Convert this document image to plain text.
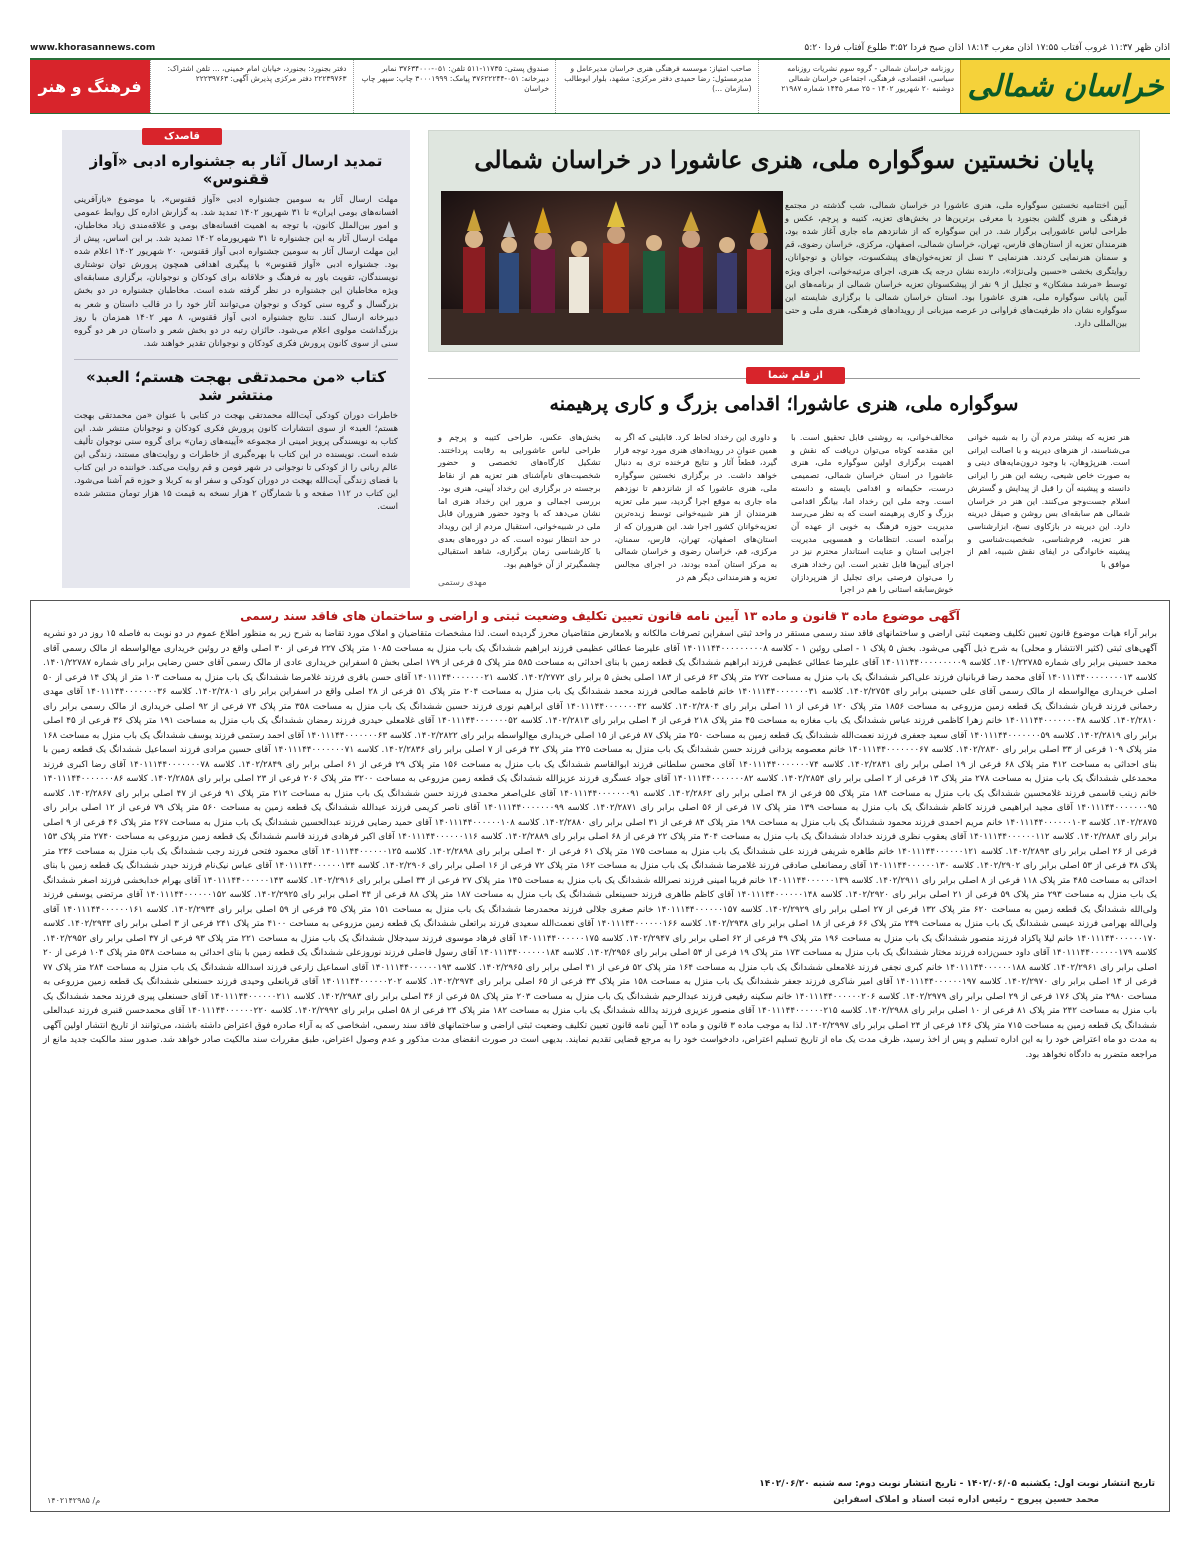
اذان ظهر ۱۱:۳۷ غروب آفتاب ۱۷:۵۵ اذان مغرب ۱۸:۱۴ اذان صبح فردا ۳:۵۲ طلوع آفتاب فردا ۵:۲۰
www.khorasannews.com
خراسان شمالی
روزنامه خراسان شمالی - گروه سوم نشریات روزنامه سیاسی، اقتصادی، فرهنگی، اجتماعی خراسان شمالی دوشنبه ۲۰ شهریور ۱۴۰۲ - ۲۵ صفر ۱۴۴۵ شماره ۲۱۹۸۷
صاحب امتیاز: موسسه فرهنگی هنری خراسان مدیرعامل و مدیرمسئول: رضا حمیدی دفتر مرکزی: مشهد، بلوار ابوطالب (سازمان ...)
صندوق پستی: ۱۱۷۳۵-۵۱۱ تلفن: ۰۵۱-۳۷۶۳۴۰۰۰ نمابر دبیرخانه: ۰۵۱-۳۷۶۲۲۲۴۴ پیامک: ۳۰۰۰۱۹۹۹ چاپ: سپهر چاپ خراسان
دفتر بجنورد: بجنورد، خیابان امام خمینی، ... تلفن اشتراک: ۲۲۲۳۹۷۶۳ دفتر مرکزی پذیرش آگهی: ۲۲۲۳۹۷۶۳
فرهنگ و هنر
پایان نخستین سوگواره ملی، هنری عاشورا در خراسان شمالی
آیین اختتامیه نخستین سوگواره ملی، هنری عاشورا در خراسان شمالی، شب گذشته در مجتمع فرهنگی و هنری گلشن بجنورد با معرفی برترین‌ها در بخش‌های تعزیه، کتیبه و پرچم، عکس و طراحی لباس عاشورایی برگزار شد. در این سوگواره که از شانزدهم ماه جاری آغاز شده بود، هنرمندان تعزیه از استان‌های فارس، تهران، خراسان شمالی، اصفهان، مرکزی، خراسان رضوی، قم و سمنان هنرنمایی کردند. هنرنمایی ۳ نسل از تعزیه‌خوان‌های پیشکسوت، جوانان و نوجوانان، روایتگری بخشی «حسین ولی‌نژاد»، دارنده نشان درجه یک هنری، اجرای مرثیه‌خوانی، اجرای ویژه توسط «مرشد مشکان» و تجلیل از ۹ نفر از پیشکسوتان تعزیه خراسان شمالی از برنامه‌های این آیین پایانی سوگواره ملی، هنری عاشورا بود. استان خراسان شمالی با برگزاری شایسته این سوگواره نشان داد ظرفیت‌های فراوانی در عرصه میزبانی از رویدادهای فرهنگی، هنری ملی و حتی بین‌المللی دارد.
قاصدک
تمدید ارسال آثار به جشنواره ادبی «آواز ققنوس»
مهلت ارسال آثار به سومین جشنواره ادبی «آواز ققنوس»، با موضوع «بازآفرینی افسانه‌های بومی ایران» تا ۳۱ شهریور ۱۴۰۲ تمدید شد. به گزارش اداره کل روابط عمومی و امور بین‌الملل کانون، با توجه به اهمیت افسانه‌های بومی و علاقه‌مندی زیاد مخاطبان، مهلت ارسال آثار به این جشنواره تا ۳۱ شهریورماه ۱۴۰۲ تمدید شد. بر این اساس، پیش از این مهلت ارسال آثار به سومین جشنواره ادبی آواز ققنوس، ۲۰ شهریور ۱۴۰۲ اعلام شده بود. جشنواره ادبی «آواز ققنوس» با پیگیری اهدافی همچون پرورش توان نوشتاری نویسندگان، تقویت باور به فرهنگ و خلاقانه برای کودکان و نوجوانان، برگزاری مسابقه‌ای ویژه مخاطبان این جشنواره در نظر گرفته شده است. مخاطبان جشنواره در دو بخش بزرگسال و گروه سنی کودک و نوجوان می‌توانند آثار خود را در قالب داستان و شعر به دبیرخانه ارسال کنند. نتایج جشنواره ادبی آواز ققنوس، ۸ مهر ۱۴۰۲ همزمان با روز بزرگداشت مولوی اعلام می‌شود. حائزان رتبه در دو بخش شعر و داستان در هر دو گروه سنی از سوی کانون پرورش فکری کودکان و نوجوانان تقدیر خواهند شد.
کتاب «من محمدتقی بهجت هستم؛ العبد» منتشر شد
خاطرات دوران کودکی آیت‌الله محمدتقی بهجت در کتابی با عنوان «من محمدتقی بهجت هستم؛ العبد» از سوی انتشارات کانون پرورش فکری کودکان و نوجوانان منتشر شد. این کتاب به نویسندگی پرویز امینی از مجموعه «آیینه‌های زمان» برای گروه سنی نوجوان تألیف شده است. نویسنده در این کتاب با بهره‌گیری از خاطرات و روایت‌های مستند، زندگی این عالم ربانی را از کودکی تا نوجوانی در شهر فومن و قم روایت می‌کند. خواننده در این کتاب با فضای زندگی آیت‌الله بهجت در دوران کودکی و سفر او به کربلا و حوزه قم آشنا می‌شود. این کتاب در ۱۱۲ صفحه و با شمارگان ۲ هزار نسخه به قیمت ۱۵ هزار تومان منتشر شده است.
از قلم شما
سوگواره ملی، هنری عاشورا؛ اقدامی بزرگ و کاری پرهیمنه
هنر تعزیه که بیشتر مردم آن را به شبیه خوانی می‌شناسند، از هنرهای دیرینه و با اصالت ایرانی است. هنرپژوهان، با وجود درون‌مایه‌های دینی و به صورت خاص شیعی، ریشه این هنر را ایرانی دانسته و پیشینه آن را قبل از پیدایش و گسترش اسلام جست‌وجو می‌کنند. این هنر در خراسان شمالی هم سابقه‌ای بس روشن و صیقل دیرینه دارد. این دیرینه در بازکاوی نسخ، ابزارشناسی هنر تعزیه، فرم‌شناسی، شخصیت‌شناسی و پیشینه خانوادگی در ایفای نقش شبیه، اهم از موافق با
مخالف‌خوانی، به روشنی قابل تحقیق است. با این مقدمه کوتاه می‌توان دریافت که نقش و اهمیت برگزاری اولین سوگواره ملی، هنری عاشورا در استان خراسان شمالی، تصمیمی درست، حکیمانه و اقدامی بایسته و دانسته است. وجه ملی این رخداد اما، بیانگر اقدامی بزرگ و کاری پرهیمنه است که به نظر می‌رسد مدیریت حوزه فرهنگ به خوبی از عهده آن برآمده است. انتظامات و همسویی مدیریت اجرایی استان و عنایت استاندار محترم نیز در اجرای آیین‌ها قابل تقدیر است. این رخداد هنری را می‌توان فرصتی برای تجلیل از هنرپردازان خوش‌سابقه استانی را هم در اجرا
و داوری این رخداد لحاظ کرد. قابلیتی که اگر به همین عنوان در رویدادهای هنری مورد توجه قرار گیرد، قطعاً آثار و نتایج فرخنده تری به دنبال خواهد داشت. در برگزاری نخستین سوگواره ملی، هنری عاشورا که از شانزدهم تا نوزدهم ماه جاری به موقع اجرا گردید، سیر ملی تعزیه هنرمندان از هنر شبیه‌خوانی توسط زبده‌ترین تعزیه‌خوانان کشور اجرا شد. این هنروران که از استان‌های اصفهان، تهران، فارس، سمنان، مرکزی، قم، خراسان رضوی و خراسان شمالی به مرکز استان آمده بودند، در اجرای مجالس تعزیه و هنرمندانی دیگر هم در
بخش‌های عکس، طراحی کتیبه و پرچم و طراحی لباس عاشورایی به رقابت پرداختند. تشکیل کارگاه‌های تخصصی و حضور شخصیت‌های نام‌آشنای هنر تعزیه هم از نقاط برجسته در برگزاری این رخداد آیینی، هنری بود. بررسی اجمالی و مرور این رخداد هنری اما نشان می‌دهد که با وجود حضور هنروران قابل ملی در شبیه‌خوانی، استقبال مردم از این رویداد در حد انتظار نبوده است. که در دوره‌های بعدی با کارشناسی زمان برگزاری، شاهد استقبالی چشمگیرتر از آن خواهیم بود.
مهدی رستمی
آگهی موضوع ماده ۳ قانون و ماده ۱۳ آیین نامه قانون تعیین تکلیف وضعیت ثبتی و اراضی و ساختمان های فاقد سند رسمی
برابر آراء هیات موضوع قانون تعیین تکلیف وضعیت ثبتی اراضی و ساختمانهای فاقد سند رسمی مستقر در واحد ثبتی اسفراین تصرفات مالکانه و بلامعارض متقاضیان محرز گردیده است. لذا مشخصات متقاضیان و املاک مورد تقاضا به شرح زیر به منظور اطلاع عموم در دو نوبت به فاصله ۱۵ روز در دو نشریه آگهی‌های ثبتی (کثیر الانتشار و محلی) به شرح ذیل آگهی می‌شود. بخش ۵ پلاک ۱ - اصلی روئین ۱ - کلاسه ۱۴۰۱۱۱۴۴۰۰۰۰۰۰۰۰۰۸ آقای علیرضا عطائی عظیمی فرزند ابراهیم ششدانگ یک باب منزل به مساحت ۱۰۸۵ متر پلاک ۲۲۷ فرعی از ۳۰ اصلی واقع در روئین خریداری مع‌الواسطه از مالک رسمی آقای محمد حسینی برابر رای شماره ۱۴۰۱/۲۲۷۸۵. کلاسه ۱۴۰۱۱۱۴۴۰۰۰۰۰۰۰۰۰۹ آقای علیرضا عطائی عظیمی فرزند ابراهیم ششدانگ یک قطعه زمین با بنای احداثی به مساحت ۵۸۵ متر پلاک ۵ فرعی از ۱۷۹ اصلی بخش ۵ اسفراین خریداری عادی از مالک رسمی آقای حسن رضایی برابر رای شماره ۱۴۰۱/۲۲۷۸۷. کلاسه ۱۴۰۱۱۱۴۴۰۰۰۰۰۰۰۰۱۳ آقای محمد رضا قربانیان فرزند علی‌اکبر ششدانگ یک باب منزل به مساحت ۲۷۲ متر پلاک ۶۳ فرعی از ۱۸۳ اصلی بخش ۵ برابر رای ۱۴۰۲/۲۷۷۲. کلاسه ۱۴۰۱۱۱۴۴۰۰۰۰۰۰۰۲۱ آقای حسن باقری فرزند غلامرضا ششدانگ یک باب منزل به مساحت ۱۰۳ متر از پلاک ۱۴ فرعی از ۵۰ اصلی خریداری مع‌الواسطه از مالک رسمی آقای علی حسینی برابر رای ۱۴۰۲/۲۷۵۴. کلاسه ۱۴۰۱۱۱۴۴۰۰۰۰۰۰۰۳۱ خانم فاطمه صالحی فرزند محمد ششدانگ یک باب منزل به مساحت ۲۰۴ متر پلاک ۵۱ فرعی از ۲۸ اصلی واقع در اسفراین برابر رای ۱۴۰۲/۲۸۰۱. کلاسه ۱۴۰۱۱۱۴۴۰۰۰۰۰۰۰۳۶ آقای مهدی رحمانی فرزند قربان ششدانگ یک قطعه زمین مزروعی به مساحت ۱۸۵۶ متر پلاک ۱۲۰ فرعی از ۱۱ اصلی برابر رای ۱۴۰۲/۲۸۰۴. کلاسه ۱۴۰۱۱۱۴۴۰۰۰۰۰۰۰۴۲ آقای ابراهیم نوری فرزند حسین ششدانگ یک باب منزل به مساحت ۳۵۸ متر پلاک ۷۴ فرعی از ۹۲ اصلی خریداری از مالک رسمی برابر رای ۱۴۰۲/۲۸۱۰. کلاسه ۱۴۰۱۱۱۴۴۰۰۰۰۰۰۰۴۸ خانم زهرا کاظمی فرزند عباس ششدانگ یک باب مغازه به مساحت ۴۵ متر پلاک ۲۱۸ فرعی از ۴ اصلی برابر رای ۱۴۰۲/۲۸۱۳. کلاسه ۱۴۰۱۱۱۴۴۰۰۰۰۰۰۰۵۲ آقای غلامعلی حیدری فرزند رمضان ششدانگ یک باب منزل به مساحت ۱۹۱ متر پلاک ۳۶ فرعی از ۴۵ اصلی برابر رای ۱۴۰۲/۲۸۱۹. کلاسه ۱۴۰۱۱۱۴۴۰۰۰۰۰۰۰۵۹ آقای سعید جعفری فرزند نعمت‌الله ششدانگ یک قطعه زمین به مساحت ۲۵۰ متر پلاک ۸۷ فرعی از ۱۵ اصلی خریداری مع‌الواسطه برابر رای ۱۴۰۲/۲۸۲۲. کلاسه ۱۴۰۱۱۱۴۴۰۰۰۰۰۰۰۶۳ آقای احمد رستمی فرزند یوسف ششدانگ یک باب منزل به مساحت ۱۶۸ متر پلاک ۱۰۹ فرعی از ۳۳ اصلی برابر رای ۱۴۰۲/۲۸۳۰. کلاسه ۱۴۰۱۱۱۴۴۰۰۰۰۰۰۰۶۷ خانم معصومه یزدانی فرزند حسن ششدانگ یک باب منزل به مساحت ۲۲۵ متر پلاک ۴۲ فرعی از ۷ اصلی برابر رای ۱۴۰۲/۲۸۳۶. کلاسه ۱۴۰۱۱۱۴۴۰۰۰۰۰۰۰۷۱ آقای حسین مرادی فرزند اسماعیل ششدانگ یک قطعه زمین با بنای احداثی به مساحت ۴۱۲ متر پلاک ۶۸ فرعی از ۱۹ اصلی برابر رای ۱۴۰۲/۲۸۴۱. کلاسه ۱۴۰۱۱۱۴۴۰۰۰۰۰۰۰۷۴ آقای محسن سلطانی فرزند ابوالقاسم ششدانگ یک باب منزل به مساحت ۱۵۶ متر پلاک ۲۹ فرعی از ۶۱ اصلی برابر رای ۱۴۰۲/۲۸۴۹. کلاسه ۱۴۰۱۱۱۴۴۰۰۰۰۰۰۰۷۸ آقای رضا اکبری فرزند محمدعلی ششدانگ یک باب منزل به مساحت ۲۷۸ متر پلاک ۱۳ فرعی از ۲ اصلی برابر رای ۱۴۰۲/۲۸۵۴. کلاسه ۱۴۰۱۱۱۴۴۰۰۰۰۰۰۰۸۲ آقای جواد عسگری فرزند عزیزالله ششدانگ یک قطعه زمین مزروعی به مساحت ۳۲۰۰ متر پلاک ۲۰۶ فرعی از ۲۳ اصلی برابر رای ۱۴۰۲/۲۸۵۸. کلاسه ۱۴۰۱۱۱۴۴۰۰۰۰۰۰۰۸۶ خانم زینب قاسمی فرزند غلامحسین ششدانگ یک باب منزل به مساحت ۱۸۴ متر پلاک ۵۵ فرعی از ۳۸ اصلی برابر رای ۱۴۰۲/۲۸۶۲. کلاسه ۱۴۰۱۱۱۴۴۰۰۰۰۰۰۰۹۱ آقای علی‌اصغر محمدی فرزند حسن ششدانگ یک باب منزل به مساحت ۲۱۲ متر پلاک ۹۱ فرعی از ۴۷ اصلی برابر رای ۱۴۰۲/۲۸۶۷. کلاسه ۱۴۰۱۱۱۴۴۰۰۰۰۰۰۰۹۵ آقای مجید ابراهیمی فرزند کاظم ششدانگ یک باب منزل به مساحت ۱۳۹ متر پلاک ۱۷ فرعی از ۵۶ اصلی برابر رای ۱۴۰۲/۲۸۷۱. کلاسه ۱۴۰۱۱۱۴۴۰۰۰۰۰۰۰۹۹ آقای ناصر کریمی فرزند عبدالله ششدانگ یک قطعه زمین به مساحت ۵۶۰ متر پلاک ۷۹ فرعی از ۱۲ اصلی برابر رای ۱۴۰۲/۲۸۷۵. کلاسه ۱۴۰۱۱۱۴۴۰۰۰۰۰۰۱۰۳ خانم مریم احمدی فرزند محمود ششدانگ یک باب منزل به مساحت ۱۹۸ متر پلاک ۸۴ فرعی از ۳۱ اصلی برابر رای ۱۴۰۲/۲۸۸۰. کلاسه ۱۴۰۱۱۱۴۴۰۰۰۰۰۰۱۰۸ آقای حمید رضایی فرزند عبدالحسین ششدانگ یک باب منزل به مساحت ۲۶۷ متر پلاک ۴۶ فرعی از ۹ اصلی برابر رای ۱۴۰۲/۲۸۸۴. کلاسه ۱۴۰۱۱۱۴۴۰۰۰۰۰۰۱۱۲ آقای یعقوب نظری فرزند خداداد ششدانگ یک باب منزل به مساحت ۳۰۴ متر پلاک ۲۲ فرعی از ۶۸ اصلی برابر رای ۱۴۰۲/۲۸۸۹. کلاسه ۱۴۰۱۱۱۴۴۰۰۰۰۰۰۱۱۶ آقای اکبر فرهادی فرزند قاسم ششدانگ یک قطعه زمین مزروعی به مساحت ۲۷۴۰ متر پلاک ۱۵۳ فرعی از ۲۶ اصلی برابر رای ۱۴۰۲/۲۸۹۳. کلاسه ۱۴۰۱۱۱۴۴۰۰۰۰۰۰۱۲۱ خانم طاهره شریفی فرزند علی ششدانگ یک باب منزل به مساحت ۱۷۵ متر پلاک ۶۱ فرعی از ۴۰ اصلی برابر رای ۱۴۰۲/۲۸۹۸. کلاسه ۱۴۰۱۱۱۴۴۰۰۰۰۰۰۱۲۵ آقای محمود فتحی فرزند رجب ششدانگ یک باب منزل به مساحت ۲۳۶ متر پلاک ۳۸ فرعی از ۵۳ اصلی برابر رای ۱۴۰۲/۲۹۰۲. کلاسه ۱۴۰۱۱۱۴۴۰۰۰۰۰۰۱۳۰ آقای رمضانعلی صادقی فرزند غلامرضا ششدانگ یک باب منزل به مساحت ۱۶۲ متر پلاک ۷۲ فرعی از ۱۶ اصلی برابر رای ۱۴۰۲/۲۹۰۶. کلاسه ۱۴۰۱۱۱۴۴۰۰۰۰۰۰۱۳۴ آقای عباس نیک‌نام فرزند حیدر ششدانگ یک قطعه زمین با بنای احداثی به مساحت ۴۸۵ متر پلاک ۱۱۸ فرعی از ۸ اصلی برابر رای ۱۴۰۲/۲۹۱۱. کلاسه ۱۴۰۱۱۱۴۴۰۰۰۰۰۰۱۳۹ خانم فریبا امینی فرزند نصرالله ششدانگ یک باب منزل به مساحت ۱۴۵ متر پلاک ۲۷ فرعی از ۳۴ اصلی برابر رای ۱۴۰۲/۲۹۱۶. کلاسه ۱۴۰۱۱۱۴۴۰۰۰۰۰۰۱۴۳ آقای بهرام خدابخشی فرزند اصغر ششدانگ یک باب منزل به مساحت ۲۹۳ متر پلاک ۵۹ فرعی از ۲۱ اصلی برابر رای ۱۴۰۲/۲۹۲۰. کلاسه ۱۴۰۱۱۱۴۴۰۰۰۰۰۰۱۴۸ آقای کاظم طاهری فرزند حسینعلی ششدانگ یک باب منزل به مساحت ۱۸۷ متر پلاک ۸۸ فرعی از ۴۴ اصلی برابر رای ۱۴۰۲/۲۹۲۵. کلاسه ۱۴۰۱۱۱۴۴۰۰۰۰۰۰۱۵۲ آقای مرتضی یوسفی فرزند ولی‌الله ششدانگ یک قطعه زمین به مساحت ۶۲۰ متر پلاک ۱۳۲ فرعی از ۲۷ اصلی برابر رای ۱۴۰۲/۲۹۲۹. کلاسه ۱۴۰۱۱۱۴۴۰۰۰۰۰۰۱۵۷ خانم صغری جلالی فرزند محمدرضا ششدانگ یک باب منزل به مساحت ۱۵۱ متر پلاک ۳۵ فرعی از ۵۹ اصلی برابر رای ۱۴۰۲/۲۹۳۴. کلاسه ۱۴۰۱۱۱۴۴۰۰۰۰۰۰۱۶۱ آقای ولی‌الله بهرامی فرزند عیسی ششدانگ یک باب منزل به مساحت ۲۴۹ متر پلاک ۶۶ فرعی از ۱۸ اصلی برابر رای ۱۴۰۲/۲۹۳۸. کلاسه ۱۴۰۱۱۱۴۴۰۰۰۰۰۰۱۶۶ آقای نعمت‌الله سعیدی فرزند براتعلی ششدانگ یک قطعه زمین مزروعی به مساحت ۴۱۰۰ متر پلاک ۲۴۱ فرعی از ۳ اصلی برابر رای ۱۴۰۲/۲۹۴۳. کلاسه ۱۴۰۱۱۱۴۴۰۰۰۰۰۰۱۷۰ خانم لیلا پاکزاد فرزند منصور ششدانگ یک باب منزل به مساحت ۱۹۶ متر پلاک ۴۹ فرعی از ۶۲ اصلی برابر رای ۱۴۰۲/۲۹۴۷. کلاسه ۱۴۰۱۱۱۴۴۰۰۰۰۰۰۱۷۵ آقای فرهاد موسوی فرزند سیدجلال ششدانگ یک باب منزل به مساحت ۲۲۱ متر پلاک ۹۳ فرعی از ۳۷ اصلی برابر رای ۱۴۰۲/۲۹۵۲. کلاسه ۱۴۰۱۱۱۴۴۰۰۰۰۰۰۱۷۹ آقای داود حسن‌زاده فرزند مختار ششدانگ یک باب منزل به مساحت ۱۷۳ متر پلاک ۱۹ فرعی از ۵۴ اصلی برابر رای ۱۴۰۲/۲۹۵۶. کلاسه ۱۴۰۱۱۱۴۴۰۰۰۰۰۰۱۸۴ آقای رسول فاضلی فرزند نوروزعلی ششدانگ یک قطعه زمین با بنای احداثی به مساحت ۵۳۸ متر پلاک ۱۰۴ فرعی از ۲۰ اصلی برابر رای ۱۴۰۲/۲۹۶۱. کلاسه ۱۴۰۱۱۱۴۴۰۰۰۰۰۰۱۸۸ خانم کبری نجفی فرزند غلامعلی ششدانگ یک باب منزل به مساحت ۱۶۴ متر پلاک ۵۲ فرعی از ۴۱ اصلی برابر رای ۱۴۰۲/۲۹۶۵. کلاسه ۱۴۰۱۱۱۴۴۰۰۰۰۰۰۱۹۳ آقای اسماعیل زارعی فرزند اسدالله ششدانگ یک باب منزل به مساحت ۲۸۴ متر پلاک ۷۷ فرعی از ۱۴ اصلی برابر رای ۱۴۰۲/۲۹۷۰. کلاسه ۱۴۰۱۱۱۴۴۰۰۰۰۰۰۱۹۷ آقای امیر شاکری فرزند جعفر ششدانگ یک باب منزل به مساحت ۱۵۸ متر پلاک ۳۳ فرعی از ۶۵ اصلی برابر رای ۱۴۰۲/۲۹۷۴. کلاسه ۱۴۰۱۱۱۴۴۰۰۰۰۰۰۲۰۲ آقای قربانعلی وحیدی فرزند حسنعلی ششدانگ یک قطعه زمین مزروعی به مساحت ۲۹۸۰ متر پلاک ۱۷۶ فرعی از ۲۹ اصلی برابر رای ۱۴۰۲/۲۹۷۹. کلاسه ۱۴۰۱۱۱۴۴۰۰۰۰۰۰۲۰۶ خانم سکینه رفیعی فرزند عبدالرحیم ششدانگ یک باب منزل به مساحت ۲۰۳ متر پلاک ۵۸ فرعی از ۳۶ اصلی برابر رای ۱۴۰۲/۲۹۸۳. کلاسه ۱۴۰۱۱۱۴۴۰۰۰۰۰۰۲۱۱ آقای حسنعلی پیری فرزند محمد ششدانگ یک باب منزل به مساحت ۲۴۲ متر پلاک ۸۱ فرعی از ۱۰ اصلی برابر رای ۱۴۰۲/۲۹۸۸. کلاسه ۱۴۰۱۱۱۴۴۰۰۰۰۰۰۲۱۵ آقای منصور عزیزی فرزند یدالله ششدانگ یک باب منزل به مساحت ۱۸۲ متر پلاک ۲۴ فرعی از ۵۸ اصلی برابر رای ۱۴۰۲/۲۹۹۲. کلاسه ۱۴۰۱۱۱۴۴۰۰۰۰۰۰۲۲۰ آقای محمدحسن قنبری فرزند عبدالعلی ششدانگ یک قطعه زمین به مساحت ۷۱۵ متر پلاک ۱۴۶ فرعی از ۲۴ اصلی برابر رای ۱۴۰۲/۲۹۹۷. لذا به موجب ماده ۳ قانون و ماده ۱۳ آیین نامه قانون تعیین تکلیف وضعیت ثبتی اراضی و ساختمانهای فاقد سند رسمی، اشخاصی که به آراء صادره فوق اعتراض داشته باشند، می‌توانند از تاریخ انتشار اولین آگهی به مدت دو ماه اعتراض خود را به این اداره تسلیم و پس از اخذ رسید، ظرف مدت یک ماه از تاریخ تسلیم اعتراض، دادخواست خود را به مرجع قضایی تقدیم نمایند. بدیهی است در صورت انقضای مدت مذکور و عدم وصول اعتراض، طبق مقررات سند مالکیت صادر خواهد شد. صدور سند مالکیت جدید مانع از مراجعه متضرر به دادگاه نخواهد بود.
تاریخ انتشار نوبت اول: یکشنبه ۱۴۰۲/۰۶/۰۵ - تاریخ انتشار نوبت دوم: سه شنبه ۱۴۰۲/۰۶/۲۰
محمد حسین پیروج - رئیس اداره ثبت اسناد و املاک اسفراین
م/ ۱۴۰۲۱۴۲۹۸۵
